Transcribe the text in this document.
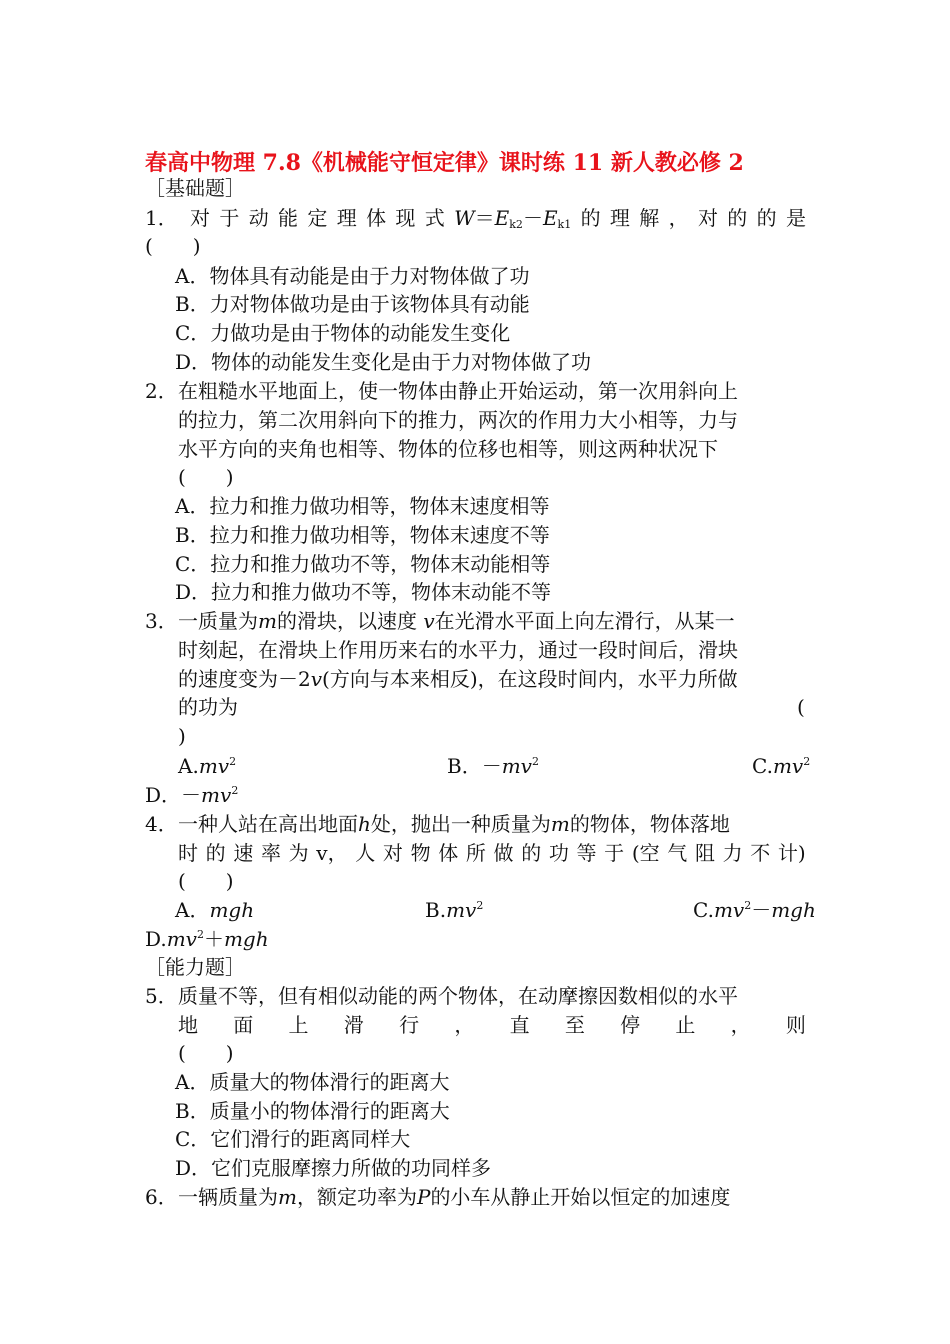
春高中物理 7.8《机械能守恒定律》课时练 11 新人教必修 2
［基础题］
1． 对 于 动 能 定 理 体 现 式 $W=E_{k2}-E_{k1}$ 的 理 解 ， 对 的 的 是
(　　)
A．物体具有动能是由于力对物体做了功
B．力对物体做功是由于该物体具有动能
C．力做功是由于物体的动能发生变化
D．物体的动能发生变化是由于力对物体做了功
2． 在粗糙水平地面上，使一物体由静止开始运动，第一次用斜向上
的拉力，第二次用斜向下的推力，两次的作用力大小相等，力与
水平方向的夹角也相等、物体的位移也相等，则这两种状况下
(　　)
A．拉力和推力做功相等，物体末速度相等
B．拉力和推力做功相等，物体末速度不等
C．拉力和推力做功不等，物体末动能相等
D．拉力和推力做功不等，物体末动能不等
3． 一质量为m的滑块，以速度 v在光滑水平面上向左滑行，从某一
时刻起，在滑块上作用历来右的水平力，通过一段时间后，滑块
的速度变为－2v(方向与本来相反)，在这段时间内，水平力所做
的功为	(
)
$A.mv^2$	B．$-mv^2$	$C.mv^2$
D．$-mv^2$
4． 一种人站在高出地面h处，抛出一种质量为m的物体，物体落地
时 的 速 率 为 v， 人 对 物 体 所 做 的 功 等 于 (空 气 阻 力 不 计)
(　　)
A．mgh	$B.mv^2$	$C.mv^2-mgh$
$D.mv^2+mgh$
［能力题］
5． 质量不等，但有相似动能的两个物体，在动摩擦因数相似的水平
地 面 上 滑 行 ， 直 至 停 止 ， 则
(　　)
A．质量大的物体滑行的距离大
B．质量小的物体滑行的距离大
C．它们滑行的距离同样大
D．它们克服摩擦力所做的功同样多
6． 一辆质量为m，额定功率为P的小车从静止开始以恒定的加速度
